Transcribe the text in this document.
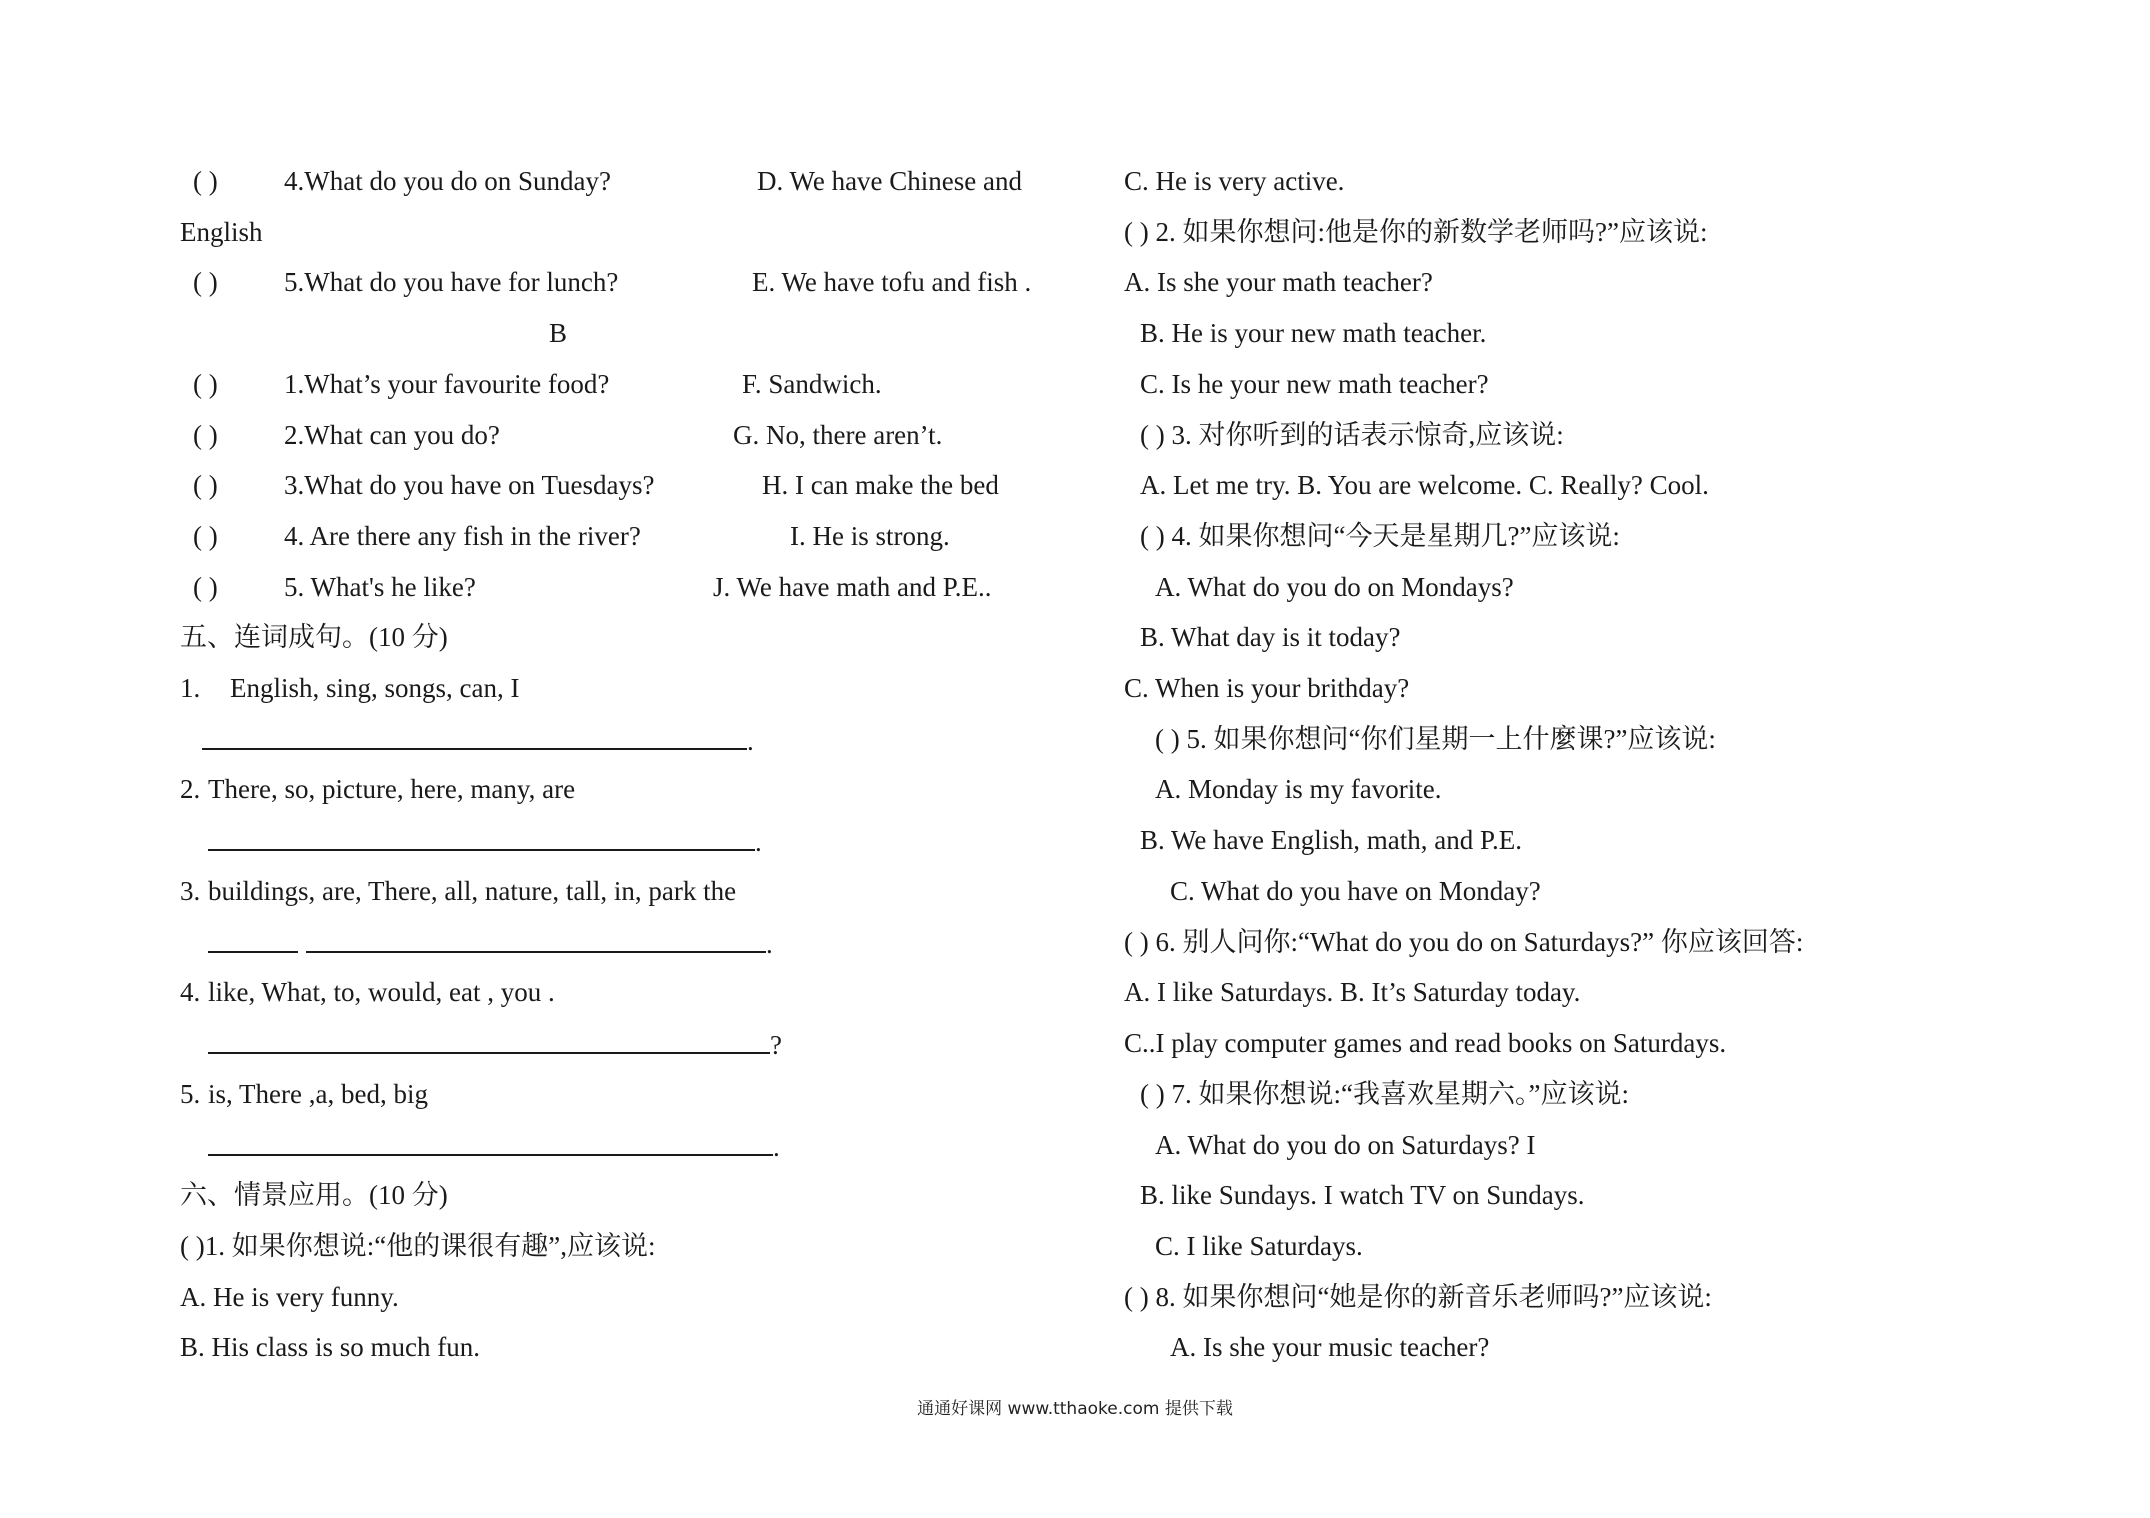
( ) 4.What do you do on Sunday?	D. We have Chinese and
English
( ) 5.What do you have for lunch?	E. We have tofu and fish .
B
( ) 1.What’s your favourite food?	F. Sandwich.
( ) 2.What can you do?	G. No, there aren’t.
( ) 3.What do you have on Tuesdays?	H. I can make the bed
( ) 4. Are there any fish in the river?	I. He is strong.
( ) 5. What's he like?	J. We have math and P.E..
五、连词成句。(10 分)
1. English, sing, songs, can, I
.
2. There, so, picture, here, many, are
.
3. buildings, are, There, all, nature, tall, in, park the
.
4. like, What, to, would, eat , you .
?
5. is, There ,a, bed, big
.
六、情景应用。(10 分)
( )1. 如果你想说:“他的课很有趣”,应该说:
A. He is very funny.
B. His class is so much fun.
C. He is very active.
( ) 2. 如果你想问:他是你的新数学老师吗?”应该说:
A. Is she your math teacher?
B. He is your new math teacher.
C. Is he your new math teacher?
( ) 3. 对你听到的话表示惊奇,应该说:
A. Let me try. B. You are welcome. C. Really? Cool.
( ) 4. 如果你想问“今天是星期几?”应该说:
A. What do you do on Mondays?
B. What day is it today?
C. When is your brithday?
( ) 5. 如果你想问“你们星期一上什麼课?”应该说:
A. Monday is my favorite.
B. We have English, math, and P.E.
C. What do you have on Monday?
( ) 6. 别人问你:“What do you do on Saturdays?” 你应该回答:
A. I like Saturdays. B. It’s Saturday today.
C..I play computer games and read books on Saturdays.
( ) 7. 如果你想说:“我喜欢星期六。”应该说:
A. What do you do on Saturdays? I
B. like Sundays. I watch TV on Sundays.
C. I like Saturdays.
( ) 8. 如果你想问“她是你的新音乐老师吗?”应该说:
A. Is she your music teacher?
通通好课网 www.tthaoke.com 提供下载
